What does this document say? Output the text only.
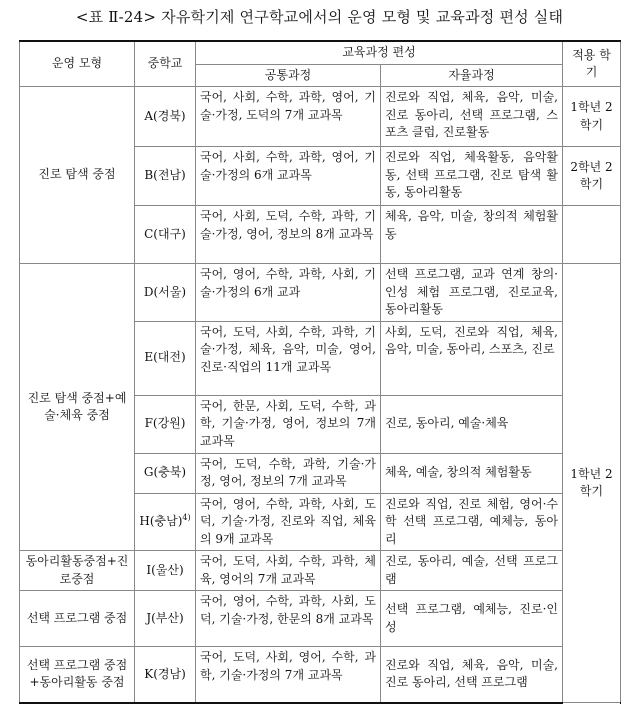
<표 Ⅱ-24> 자유학기제 연구학교에서의 운영 모형 및 교육과정 편성 실태
운영 모형	중학교	교육과정 편성		적용 학기	
		공통과정	자율과정		
진로 탐색 중점	A(경북)	국어, 사회, 수학, 과학, 영어, 기술·가정, 도덕의 7개 교과목	진로와 직업, 체육, 음악, 미술, 진로 동아리, 선택 프로그램, 스포츠 클럽, 진로활동	1학년 2학기	
	B(전남)	국어, 사회, 수학, 과학, 영어, 기술·가정의 6개 교과목	진로와 직업, 체육활동, 음악활동, 선택 프로그램, 진로 탐색 활동, 동아리활동	2학년 2학기	
	C(대구)	국어, 사회, 도덕, 수학, 과학, 기술·가정, 영어, 정보의 8개 교과목	체육, 음악, 미술, 창의적 체험활동		
진로 탐색 중점+예술·체육 중점	D(서울)	국어, 영어, 수학, 과학, 사회, 기술·가정의 6개 교과	선택 프로그램, 교과 연계 창의·인성 체험 프로그램, 진로교육, 동아리활동	1학년 2학기	
	E(대전)	국어, 도덕, 사회, 수학, 과학, 기술·가정, 체육, 음악, 미술, 영어, 진로·직업의 11개 교과목	사회, 도덕, 진로와 직업, 체육, 음악, 미술, 동아리, 스포츠, 진로		
	F(강원)	국어, 한문, 사회, 도덕, 수학, 과학, 기술·가정, 영어, 정보의 7개 교과목	진로, 동아리, 예술·체육		
	G(충북)	국어, 도덕, 수학, 과학, 기술·가정, 영어, 정보의 7개 교과목	체육, 예술, 창의적 체험활동		
	H(충남)$^{4)}$	국어, 영어, 수학, 과학, 사회, 도덕, 기술·가정, 진로와 직업, 체육의 9개 교과목	진로와 직업, 진로 체험, 영어·수학 선택 프로그램, 예체능, 동아리		
동아리활동중점+진로중점	I(울산)	국어, 도덕, 사회, 수학, 과학, 체육, 영어의 7개 교과목	진로, 동아리, 예술, 선택 프로그램		
선택 프로그램 중점	J(부산)	국어, 영어, 수학, 과학, 사회, 도덕, 기술·가정, 한문의 8개 교과목	선택 프로그램, 예체능, 진로·인성		
선택 프로그램 중점 +동아리활동 중점	K(경남)	국어, 도덕, 사회, 영어, 수학, 과학, 기술·가정의 7개 교과목	진로와 직업, 체육, 음악, 미술, 진로 동아리, 선택 프로그램		
